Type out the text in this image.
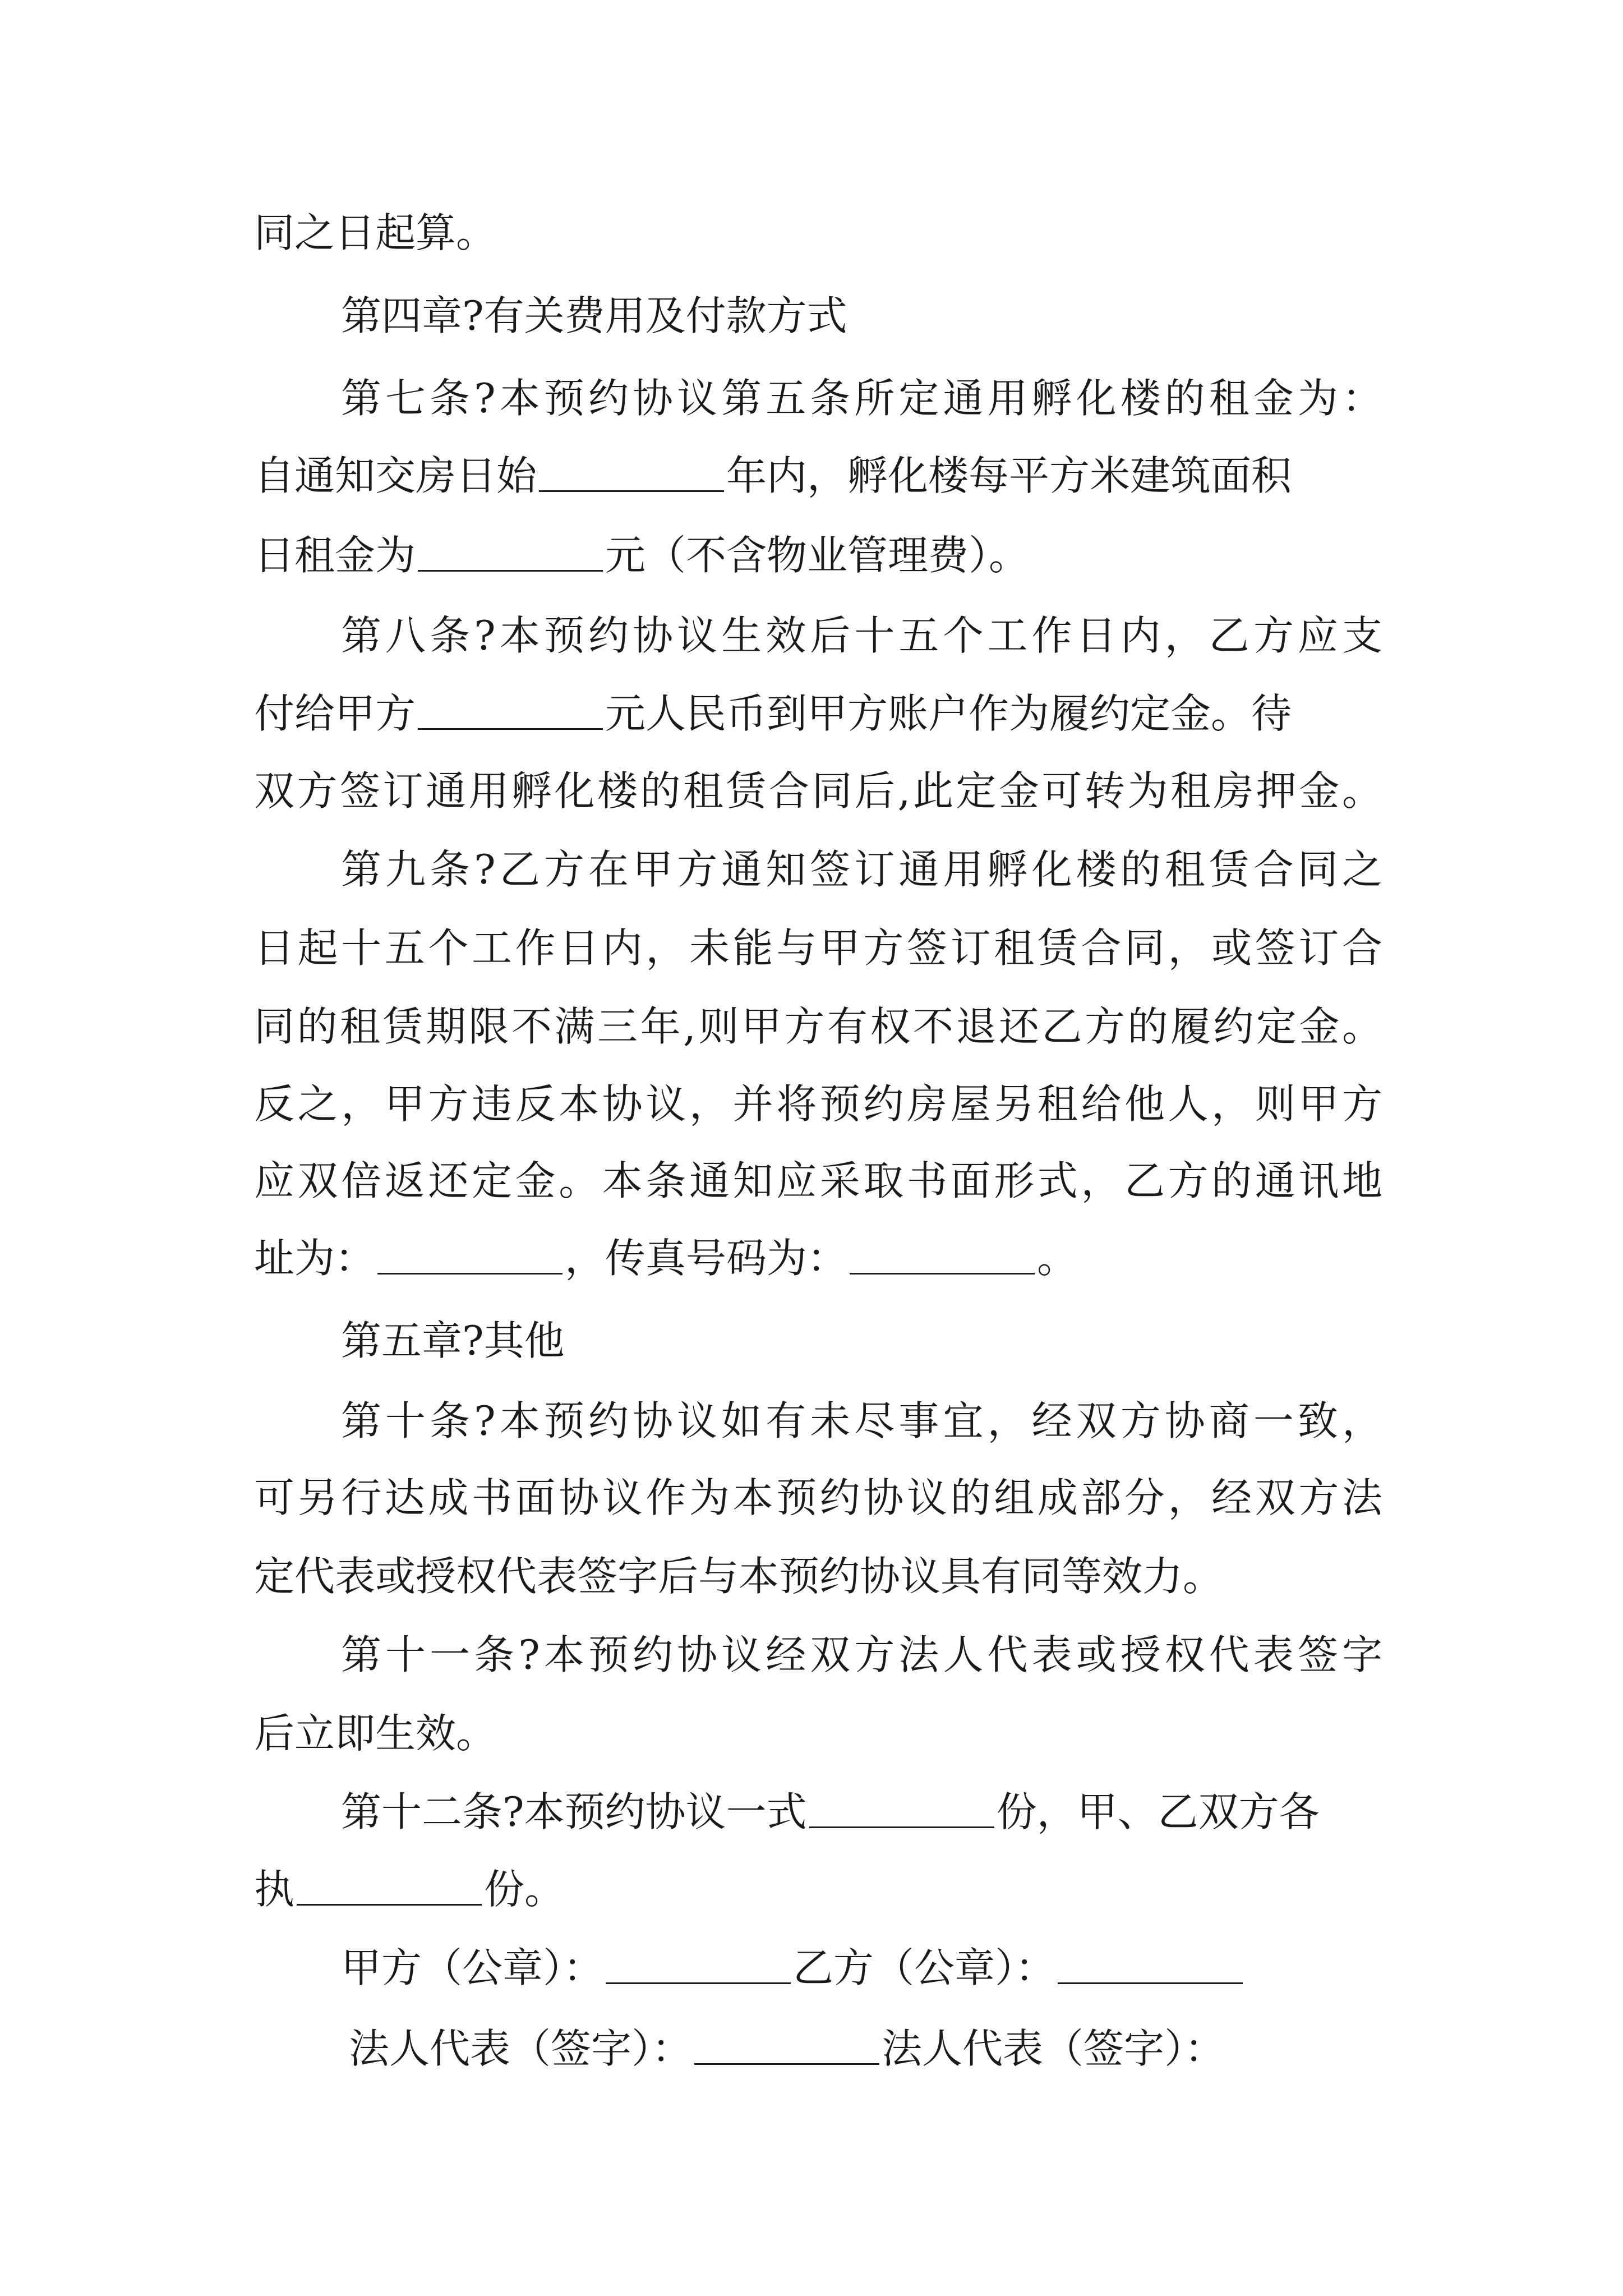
同之日起算。
第四章?有关费用及付款方式
第七条?本预约协议第五条所定通用孵化楼的租金为：
自通知交房日始	年内，孵化楼每平方米建筑面积
日租金为	元（不含物业管理费）。
第八条?本预约协议生效后十五个工作日内，乙方应支
付给甲方	元人民币到甲方账户作为履约定金。待
双方签订通用孵化楼的租赁合同后,此定金可转为租房押金。
第九条?乙方在甲方通知签订通用孵化楼的租赁合同之
日起十五个工作日内，未能与甲方签订租赁合同，或签订合
同的租赁期限不满三年,则甲方有权不退还乙方的履约定金。
反之，甲方违反本协议，并将预约房屋另租给他人，则甲方
应双倍返还定金。本条通知应采取书面形式，乙方的通讯地
址为：	，传真号码为：	。
第五章?其他
第十条?本预约协议如有未尽事宜，经双方协商一致，
可另行达成书面协议作为本预约协议的组成部分，经双方法
定代表或授权代表签字后与本预约协议具有同等效力。
第十一条?本预约协议经双方法人代表或授权代表签字
后立即生效。
第十二条?本预约协议一式	份，甲、乙双方各
执	份。
甲方（公章）：	乙方（公章）：
法人代表（签字）：	法人代表（签字）：
